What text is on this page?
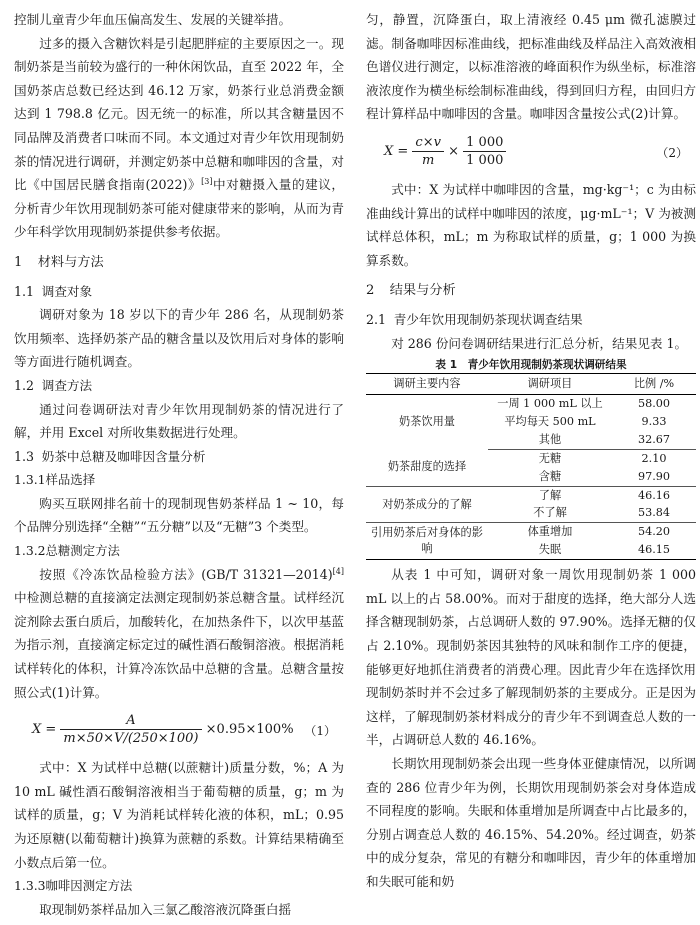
控制儿童青少年血压偏高发生、发展的关键举措。

过多的摄入含糖饮料是引起肥胖症的主要原因之一。现制奶茶是当前较为盛行的一种休闲饮品，直至 2022 年，全国奶茶店总数已经达到 46.12 万家，奶茶行业总消费金额达到 1 798.8 亿元。因无统一的标准，所以其含糖量因不同品牌及消费者口味而不同。本文通过对青少年饮用现制奶茶的情况进行调研，并测定奶茶中总糖和咖啡因的含量，对比《中国居民膳食指南(2022)》[3]中对糖摄入量的建议，分析青少年饮用现制奶茶可能对健康带来的影响，从而为青少年科学饮用现制奶茶提供参考依据。

1 材料与方法
1.1 调查对象

调研对象为 18 岁以下的青少年 286 名，从现制奶茶饮用频率、选择奶茶产品的糖含量以及饮用后对身体的影响等方面进行随机调查。

1.2 调查方法

通过问卷调研法对青少年饮用现制奶茶的情况进行了解，并用 Excel 对所收集数据进行处理。

1.3 奶茶中总糖及咖啡因含量分析
1.3.1样品选择

购买互联网排名前十的现制现售奶茶样品 1 ~ 10，每个品牌分别选择“全糖”“五分糖”以及“无糖”3 个类型。

1.3.2总糖测定方法

按照《冷冻饮品检验方法》(GB/T 31321—2014)[4]中检测总糖的直接滴定法测定现制奶茶总糖含量。试样经沉淀剂除去蛋白质后，加酸转化，在加热条件下，以次甲基蓝为指示剂，直接滴定标定过的碱性酒石酸铜溶液。根据消耗试样转化的体积，计算冷冻饮品中总糖的含量。总糖含量按照公式(1)计算。

$X = \frac{A}{m\times 50\times V/(250\times 100)} \times 0.95\times 100\%$ （1）

式中：X 为试样中总糖(以蔗糖计)质量分数，%；A 为 10 mL 碱性酒石酸铜溶液相当于葡萄糖的质量，g；m 为试样的质量，g；V 为消耗试样转化液的体积，mL；0.95 为还原糖(以葡萄糖计)换算为蔗糖的系数。计算结果精确至小数点后第一位。

1.3.3咖啡因测定方法

取现制奶茶样品加入三氯乙酸溶液沉降蛋白摇

匀，静置，沉降蛋白，取上清液经 0.45 μm 微孔滤膜过滤。制备咖啡因标准曲线，把标准曲线及样品注入高效液相色谱仪进行测定，以标准溶液的峰面积作为纵坐标，标准溶液浓度作为横坐标绘制标准曲线，得到回归方程，由回归方程计算样品中咖啡因的含量。咖啡因含量按公式(2)计算。

$X = \frac{c\times v}{m} \times \frac{1 000}{1 000}$	（2）

式中：X 为试样中咖啡因的含量，mg·kg⁻¹；c 为由标准曲线计算出的试样中咖啡因的浓度，μg·mL⁻¹；V 为被测试样总体积，mL；m 为称取试样的质量，g；1 000 为换算系数。

2 结果与分析
2.1 青少年饮用现制奶茶现状调查结果

对 286 份问卷调研结果进行汇总分析，结果见表 1。

表 1　青少年饮用现制奶茶现状调研结果
调研主要内容	调研项目	比例 /%
奶茶饮用量	一周 1 000 mL 以上	58.00
	平均每天 500 mL	9.33
	其他	32.67
奶茶甜度的选择	无糖	2.10
	含糖	97.90
对奶茶成分的了解	了解	46.16
	不了解	53.84
引用奶茶后对身体的影响	体重增加	54.20
	失眠	46.15

从表 1 中可知，调研对象一周饮用现制奶茶 1 000 mL 以上的占 58.00%。而对于甜度的选择，绝大部分人选择含糖现制奶茶，占总调研人数的 97.90%。选择无糖的仅占 2.10%。现制奶茶因其独特的风味和制作工序的便捷，能够更好地抓住消费者的消费心理。因此青少年在选择饮用现制奶茶时并不会过多了解现制奶茶的主要成分。正是因为这样，了解现制奶茶材料成分的青少年不到调查总人数的一半，占调研总人数的 46.16%。

长期饮用现制奶茶会出现一些身体亚健康情况，以所调查的 286 位青少年为例，长期饮用现制奶茶会对身体造成不同程度的影响。失眠和体重增加是所调查中占比最多的，分别占调查总人数的 46.15%、54.20%。经过调查，奶茶中的成分复杂，常见的有糖分和咖啡因，青少年的体重增加和失眠可能和奶
